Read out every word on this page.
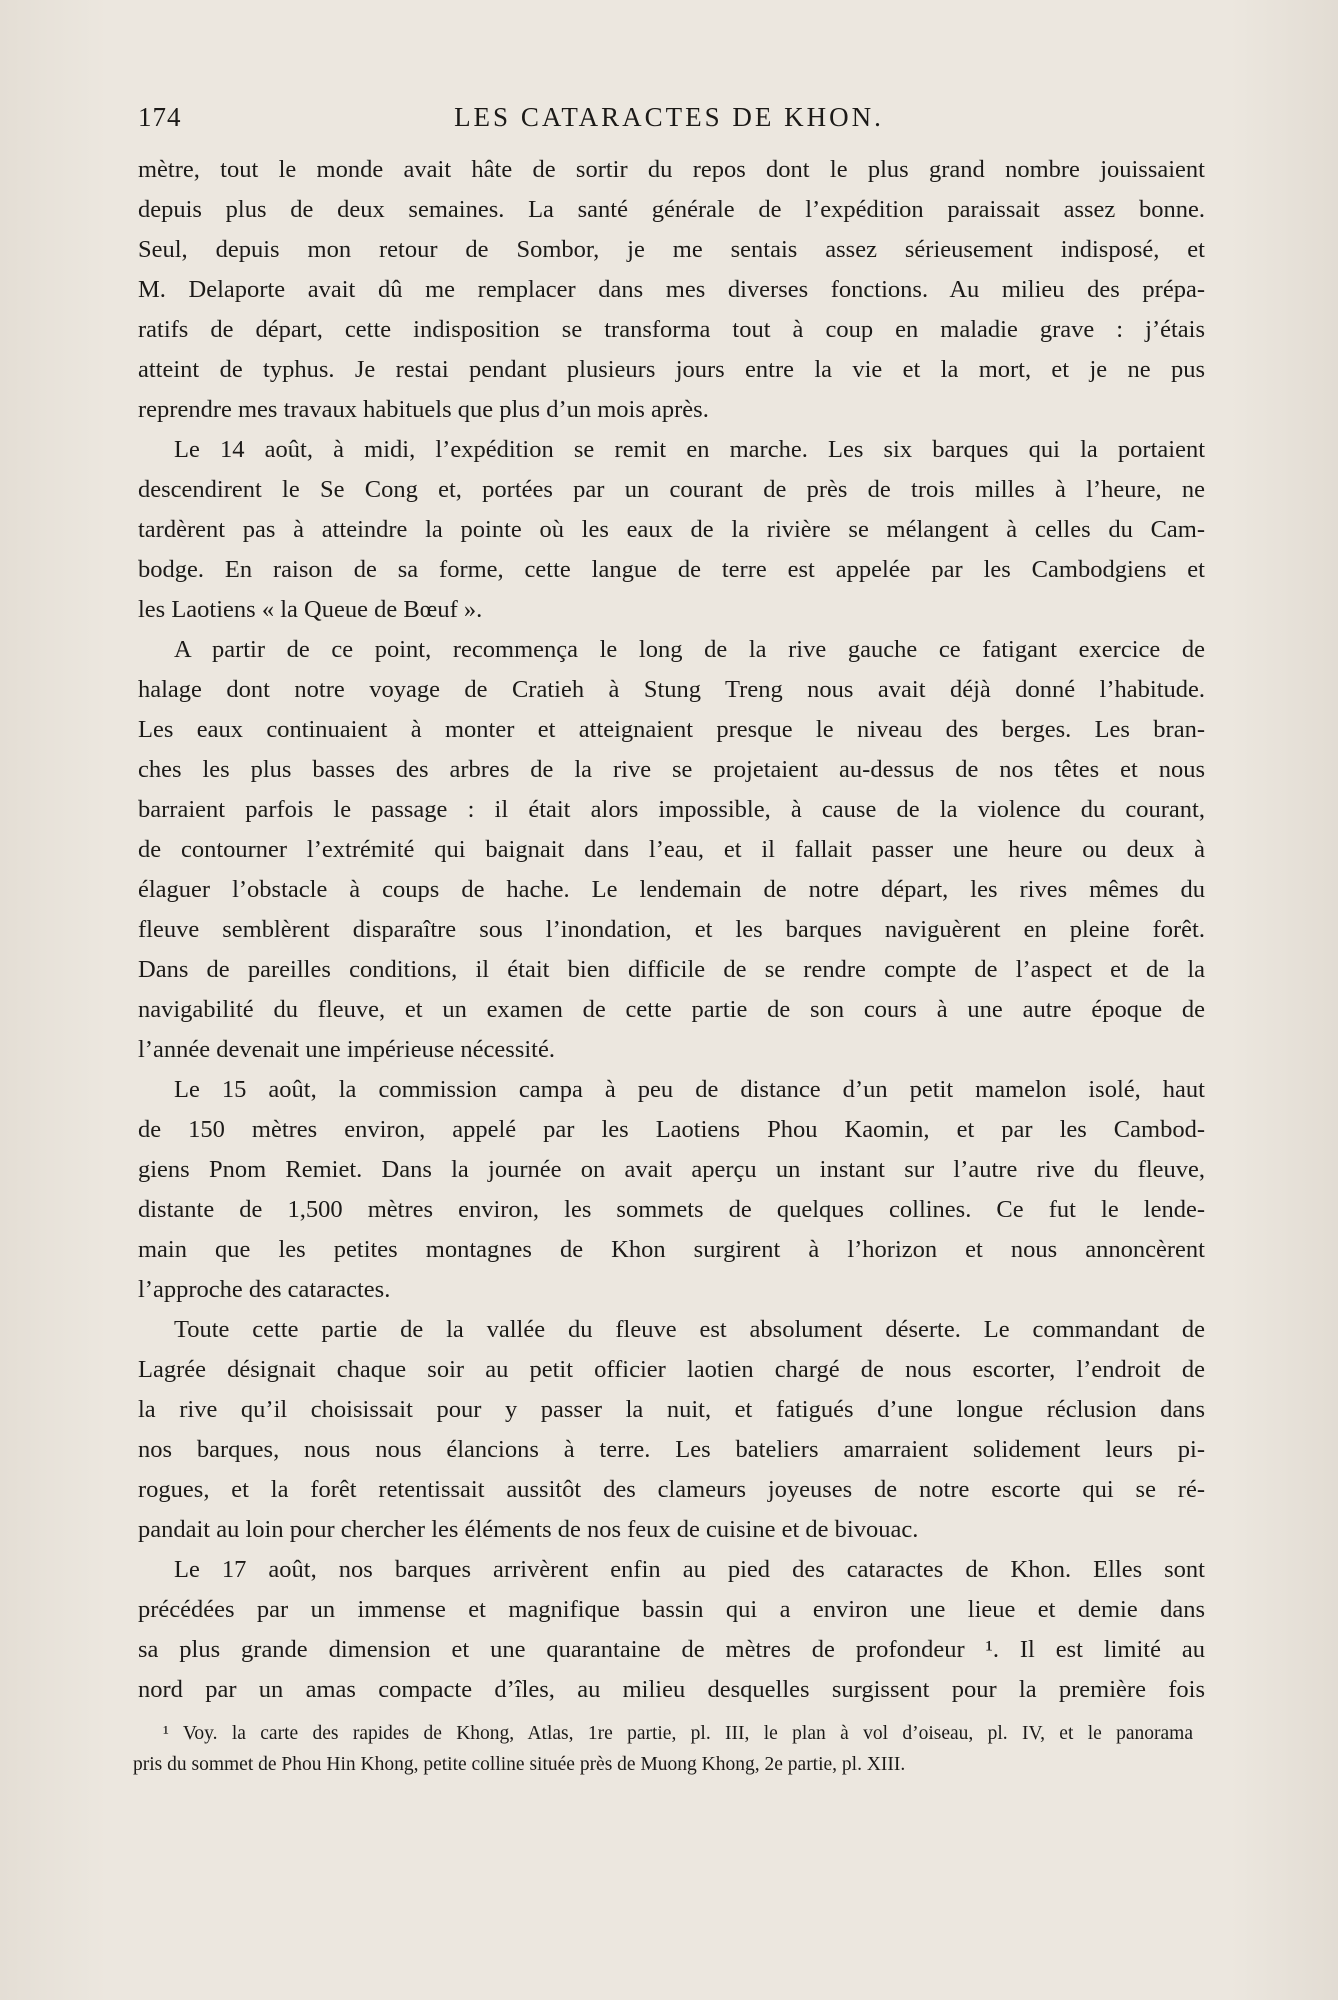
174	LES CATARACTES DE KHON.
mètre, tout le monde avait hâte de sortir du repos dont le plus grand nombre jouissaient
depuis plus de deux semaines. La santé générale de l’expédition paraissait assez bonne.
Seul, depuis mon retour de Sombor, je me sentais assez sérieusement indisposé, et
M. Delaporte avait dû me remplacer dans mes diverses fonctions. Au milieu des prépa-
ratifs de départ, cette indisposition se transforma tout à coup en maladie grave : j’étais
atteint de typhus. Je restai pendant plusieurs jours entre la vie et la mort, et je ne pus
reprendre mes travaux habituels que plus d’un mois après.
Le 14 août, à midi, l’expédition se remit en marche. Les six barques qui la portaient
descendirent le Se Cong et, portées par un courant de près de trois milles à l’heure, ne
tardèrent pas à atteindre la pointe où les eaux de la rivière se mélangent à celles du Cam-
bodge. En raison de sa forme, cette langue de terre est appelée par les Cambodgiens et
les Laotiens « la Queue de Bœuf ».
A partir de ce point, recommença le long de la rive gauche ce fatigant exercice de
halage dont notre voyage de Cratieh à Stung Treng nous avait déjà donné l’habitude.
Les eaux continuaient à monter et atteignaient presque le niveau des berges. Les bran-
ches les plus basses des arbres de la rive se projetaient au-dessus de nos têtes et nous
barraient parfois le passage : il était alors impossible, à cause de la violence du courant,
de contourner l’extrémité qui baignait dans l’eau, et il fallait passer une heure ou deux à
élaguer l’obstacle à coups de hache. Le lendemain de notre départ, les rives mêmes du
fleuve semblèrent disparaître sous l’inondation, et les barques naviguèrent en pleine forêt.
Dans de pareilles conditions, il était bien difficile de se rendre compte de l’aspect et de la
navigabilité du fleuve, et un examen de cette partie de son cours à une autre époque de
l’année devenait une impérieuse nécessité.
Le 15 août, la commission campa à peu de distance d’un petit mamelon isolé, haut
de 150 mètres environ, appelé par les Laotiens Phou Kaomin, et par les Cambod-
giens Pnom Remiet. Dans la journée on avait aperçu un instant sur l’autre rive du fleuve,
distante de 1,500 mètres environ, les sommets de quelques collines. Ce fut le lende-
main que les petites montagnes de Khon surgirent à l’horizon et nous annoncèrent
l’approche des cataractes.
Toute cette partie de la vallée du fleuve est absolument déserte. Le commandant de
Lagrée désignait chaque soir au petit officier laotien chargé de nous escorter, l’endroit de
la rive qu’il choisissait pour y passer la nuit, et fatigués d’une longue réclusion dans
nos barques, nous nous élancions à terre. Les bateliers amarraient solidement leurs pi-
rogues, et la forêt retentissait aussitôt des clameurs joyeuses de notre escorte qui se ré-
pandait au loin pour chercher les éléments de nos feux de cuisine et de bivouac.
Le 17 août, nos barques arrivèrent enfin au pied des cataractes de Khon. Elles sont
précédées par un immense et magnifique bassin qui a environ une lieue et demie dans
sa plus grande dimension et une quarantaine de mètres de profondeur ¹. Il est limité au
nord par un amas compacte d’îles, au milieu desquelles surgissent pour la première fois
¹ Voy. la carte des rapides de Khong, Atlas, 1re partie, pl. III, le plan à vol d’oiseau, pl. IV, et le panorama
pris du sommet de Phou Hin Khong, petite colline située près de Muong Khong, 2e partie, pl. XIII.
